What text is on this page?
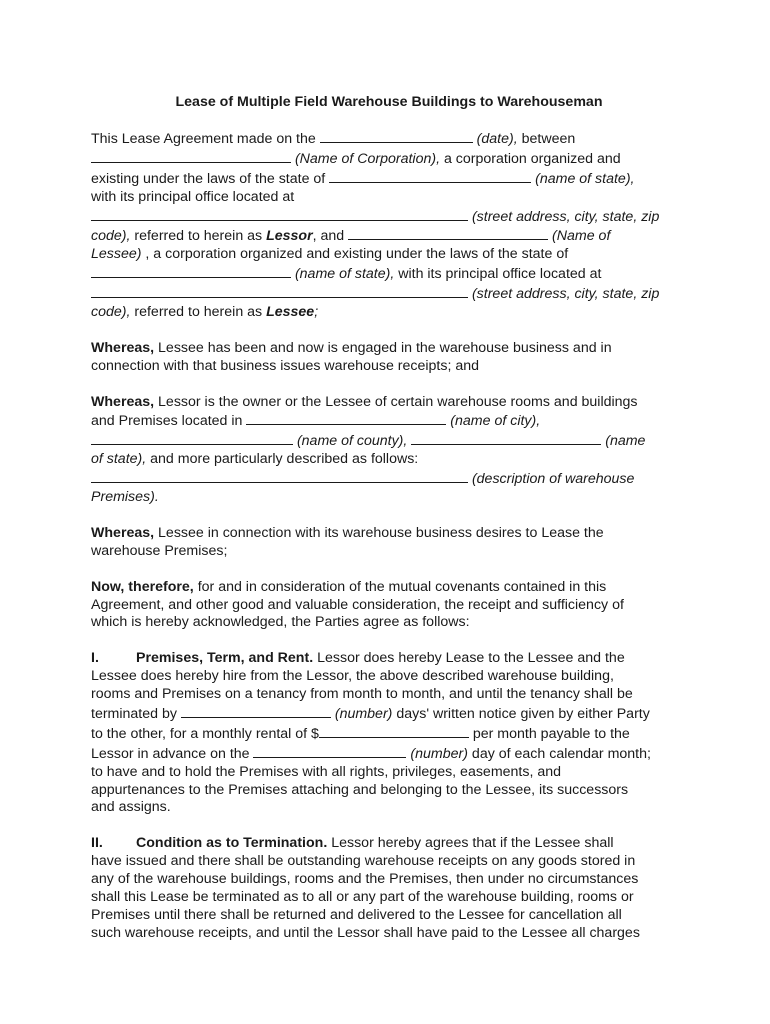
Lease of Multiple Field Warehouse Buildings to Warehouseman
This Lease Agreement made on the	(date), between
(Name of Corporation), a corporation organized and
existing under the laws of the state of	(name of state),
with its principal office located at
(street address, city, state, zip
code), referred to herein as Lessor, and	(Name of
Lessee) , a corporation organized and existing under the laws of the state of
(name of state), with its principal office located at
(street address, city, state, zip
code), referred to herein as Lessee;
Whereas, Lessee has been and now is engaged in the warehouse business and in
connection with that business issues warehouse receipts; and
Whereas, Lessor is the owner or the Lessee of certain warehouse rooms and buildings
and Premises located in	(name of city),
(name of county),	(name
of state), and more particularly described as follows:
(description of warehouse
Premises).
Whereas, Lessee in connection with its warehouse business desires to Lease the
warehouse Premises;
Now, therefore, for and in consideration of the mutual covenants contained in this
Agreement, and other good and valuable consideration, the receipt and sufficiency of
which is hereby acknowledged, the Parties agree as follows:
I.	Premises, Term, and Rent. Lessor does hereby Lease to the Lessee and the
Lessee does hereby hire from the Lessor, the above described warehouse building,
rooms and Premises on a tenancy from month to month, and until the tenancy shall be
terminated by	(number) days' written notice given by either Party
to the other, for a monthly rental of $	per month payable to the
Lessor in advance on the	(number) day of each calendar month;
to have and to hold the Premises with all rights, privileges, easements, and
appurtenances to the Premises attaching and belonging to the Lessee, its successors
and assigns.
II. Condition as to Termination. Lessor hereby agrees that if the Lessee shall
have issued and there shall be outstanding warehouse receipts on any goods stored in
any of the warehouse buildings, rooms and the Premises, then under no circumstances
shall this Lease be terminated as to all or any part of the warehouse building, rooms or
Premises until there shall be returned and delivered to the Lessee for cancellation all
such warehouse receipts, and until the Lessor shall have paid to the Lessee all charges
